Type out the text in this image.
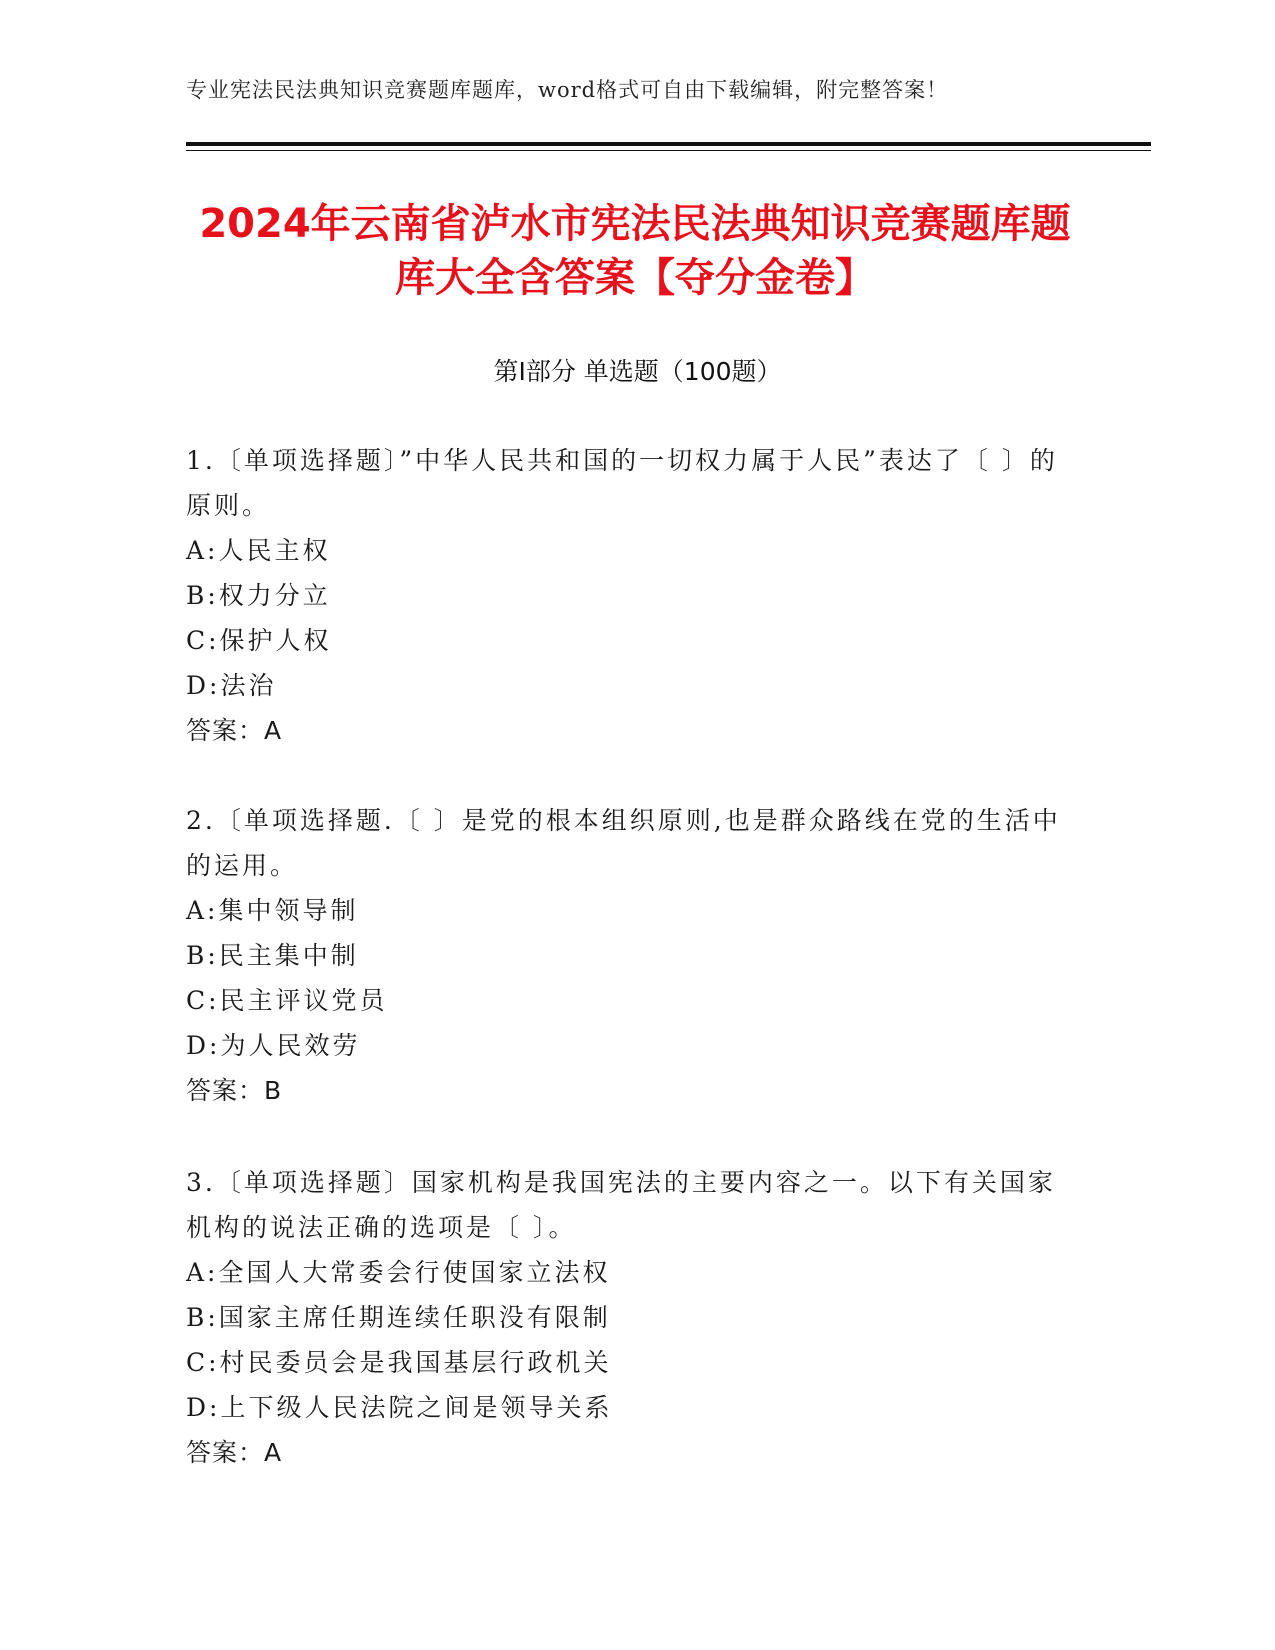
专业宪法民法典知识竞赛题库题库，word格式可自由下载编辑，附完整答案！
2024年云南省泸水市宪法民法典知识竞赛题库题库大全含答案【夺分金卷】
第Ⅰ部分 单选题（100题）

1.〔单项选择题〕”中华人民共和国的一切权力属于人民”表达了〔 〕的原则。

A:人民主权

B:权力分立

C:保护人权

D:法治

答案：A

2.〔单项选择题.〔 〕是党的根本组织原则,也是群众路线在党的生活中的运用。

A:集中领导制

B:民主集中制

C:民主评议党员

D:为人民效劳

答案：B

3.〔单项选择题〕国家机构是我国宪法的主要内容之一。以下有关国家机构的说法正确的选项是〔 〕。

A:全国人大常委会行使国家立法权

B:国家主席任期连续任职没有限制

C:村民委员会是我国基层行政机关

D:上下级人民法院之间是领导关系

答案：A
